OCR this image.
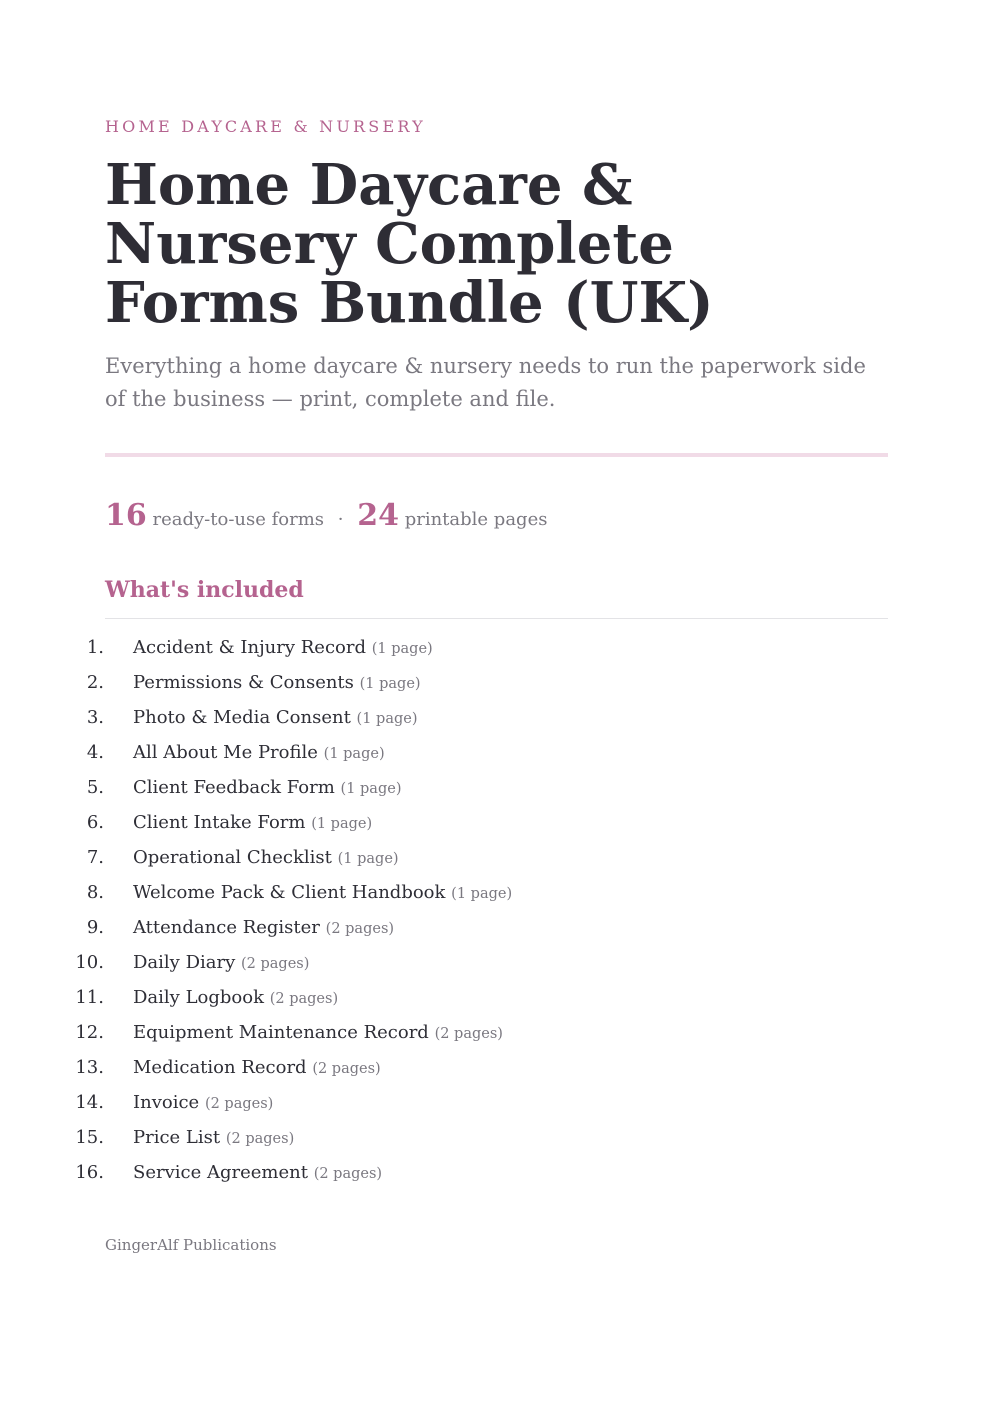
HOME DAYCARE & NURSERY
Home Daycare & Nursery Complete Forms Bundle (UK)

Everything a home daycare & nursery needs to run the paperwork side of the business — print, complete and file.

16 ready-to-use forms · 24 printable pages
What's included
1. Accident & Injury Record (1 page)
2. Permissions & Consents (1 page)
3. Photo & Media Consent (1 page)
4. All About Me Profile (1 page)
5. Client Feedback Form (1 page)
6. Client Intake Form (1 page)
7. Operational Checklist (1 page)
8. Welcome Pack & Client Handbook (1 page)
9. Attendance Register (2 pages)
10. Daily Diary (2 pages)
11. Daily Logbook (2 pages)
12. Equipment Maintenance Record (2 pages)
13. Medication Record (2 pages)
14. Invoice (2 pages)
15. Price List (2 pages)
16. Service Agreement (2 pages)
GingerAlf Publications
